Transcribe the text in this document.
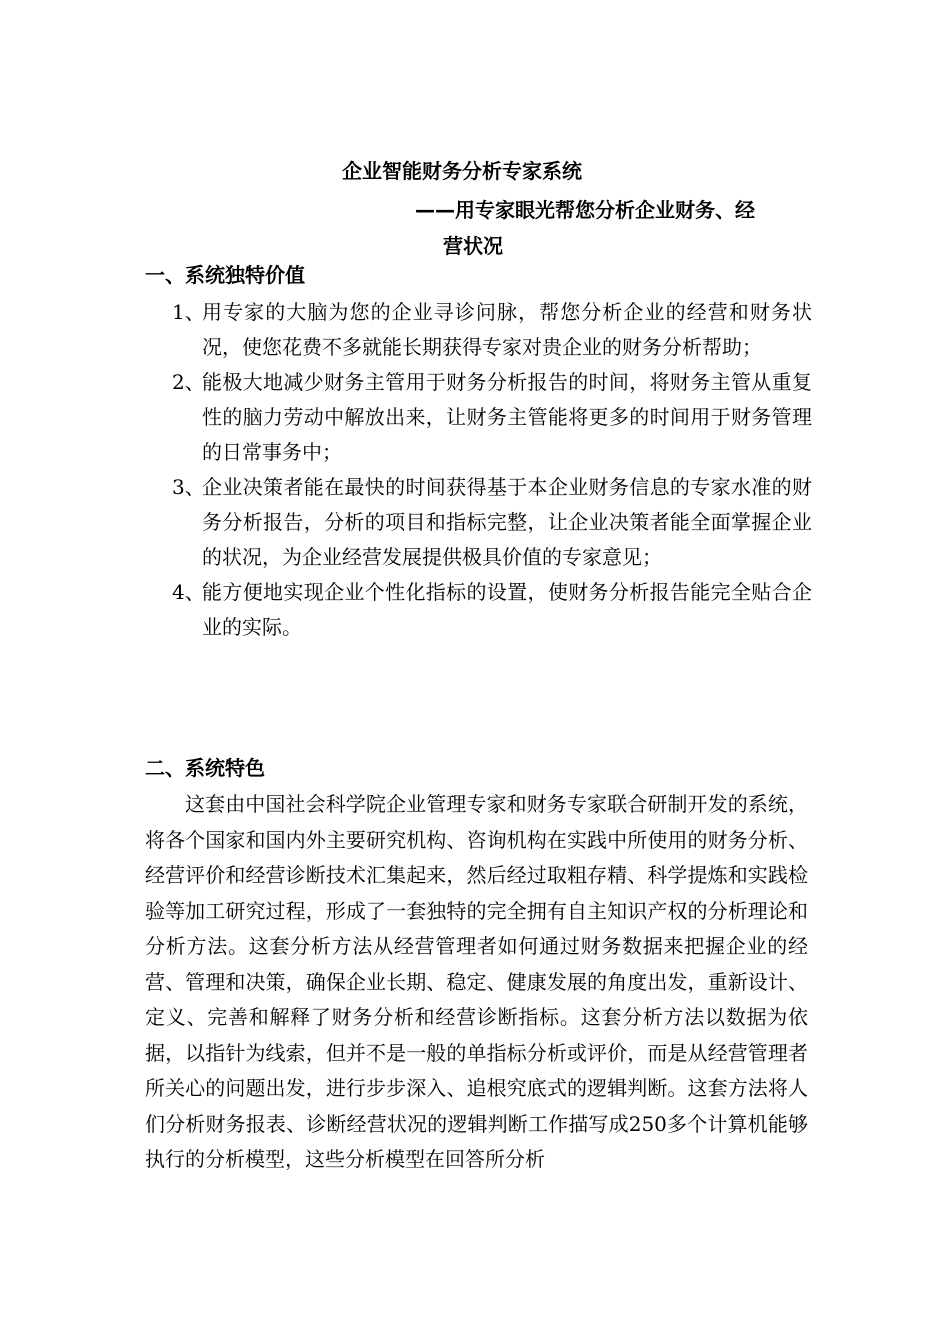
企业智能财务分析专家系统
——用专家眼光帮您分析企业财务、经
营状况
一、系统独特价值
1、
用专家的大脑为您的企业寻诊问脉，帮您分析企业的经营和财务状况，使您花费不多就能长期获得专家对贵企业的财务分析帮助；
2、
能极大地减少财务主管用于财务分析报告的时间，将财务主管从重复性的脑力劳动中解放出来，让财务主管能将更多的时间用于财务管理的日常事务中；
3、
企业决策者能在最快的时间获得基于本企业财务信息的专家水准的财务分析报告，分析的项目和指标完整，让企业决策者能全面掌握企业的状况，为企业经营发展提供极具价值的专家意见；
4、
能方便地实现企业个性化指标的设置，使财务分析报告能完全贴合企业的实际。
二、系统特色

这套由中国社会科学院企业管理专家和财务专家联合研制开发的系统，将各个国家和国内外主要研究机构、咨询机构在实践中所使用的财务分析、经营评价和经营诊断技术汇集起来，然后经过取粗存精、科学提炼和实践检验等加工研究过程，形成了一套独特的完全拥有自主知识产权的分析理论和分析方法。这套分析方法从经营管理者如何通过财务数据来把握企业的经营、管理和决策，确保企业长期、稳定、健康发展的角度出发，重新设计、定义、完善和解释了财务分析和经营诊断指标。这套分析方法以数据为依据，以指针为线索，但并不是一般的单指标分析或评价，而是从经营管理者所关心的问题出发，进行步步深入、追根究底式的逻辑判断。这套方法将人们分析财务报表、诊断经营状况的逻辑判断工作描写成250多个计算机能够执行的分析模型，这些分析模型在回答所分析
